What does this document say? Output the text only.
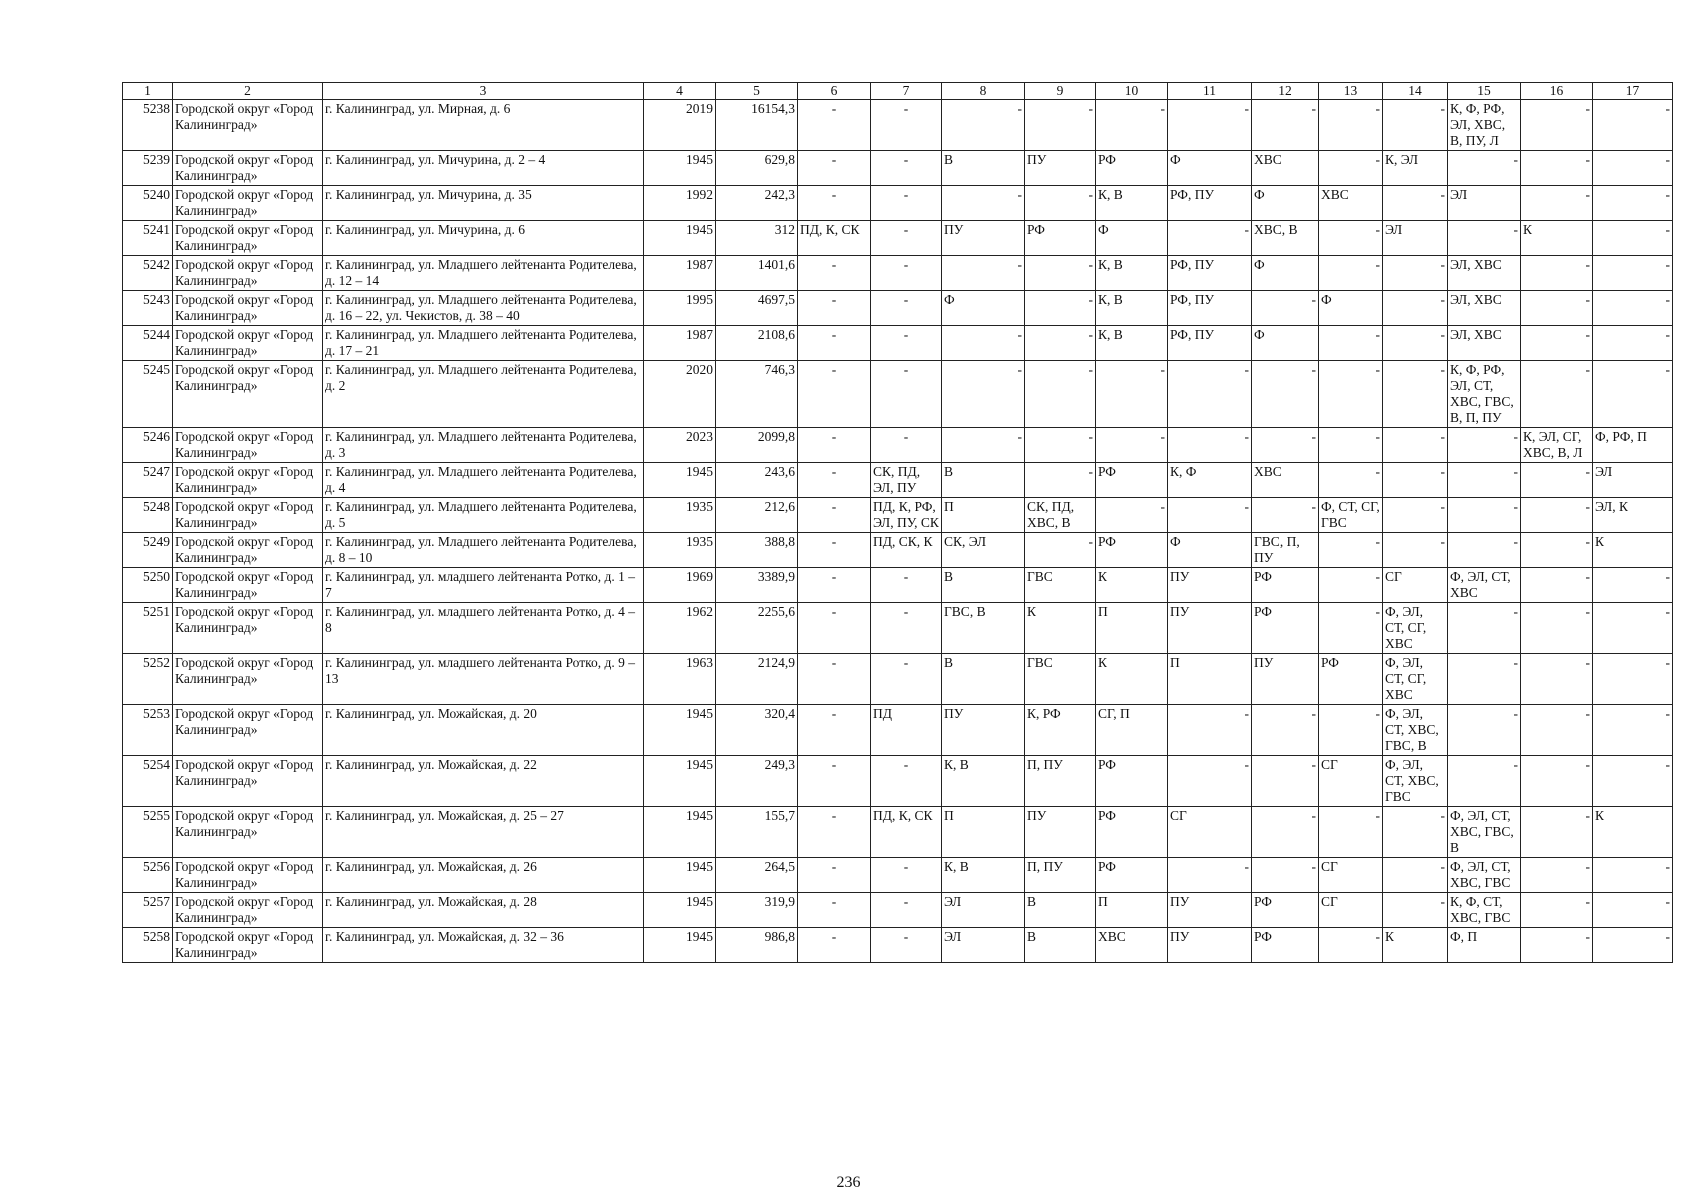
1	2	3	4	5	6	7	8	9	10	11	12	13	14	15	16	17
5238	Городской округ «Город Калининград»	г. Калининград, ул. Мирная, д. 6	2019	16154,3	-	-	-	-	-	-	-	-	-	К, Ф, РФ, ЭЛ, ХВС, В, ПУ, Л	-	-
5239	Городской округ «Город Калининград»	г. Калининград, ул. Мичурина, д. 2 – 4	1945	629,8	-	-	В	ПУ	РФ	Ф	ХВС	-	К, ЭЛ	-	-	-
5240	Городской округ «Город Калининград»	г. Калининград, ул. Мичурина, д. 35	1992	242,3	-	-	-	-	К, В	РФ, ПУ	Ф	ХВС	-	ЭЛ	-	-
5241	Городской округ «Город Калининград»	г. Калининград, ул. Мичурина, д. 6	1945	312	ПД, К, СК	-	ПУ	РФ	Ф	-	ХВС, В	-	ЭЛ	-	К	-
5242	Городской округ «Город Калининград»	г. Калининград, ул. Младшего лейтенанта Родителева, д. 12 – 14	1987	1401,6	-	-	-	-	К, В	РФ, ПУ	Ф	-	-	ЭЛ, ХВС	-	-
5243	Городской округ «Город Калининград»	г. Калининград, ул. Младшего лейтенанта Родителева, д. 16 – 22, ул. Чекистов, д. 38 – 40	1995	4697,5	-	-	Ф	-	К, В	РФ, ПУ	-	Ф	-	ЭЛ, ХВС	-	-
5244	Городской округ «Город Калининград»	г. Калининград, ул. Младшего лейтенанта Родителева, д. 17 – 21	1987	2108,6	-	-	-	-	К, В	РФ, ПУ	Ф	-	-	ЭЛ, ХВС	-	-
5245	Городской округ «Город Калининград»	г. Калининград, ул. Младшего лейтенанта Родителева, д. 2	2020	746,3	-	-	-	-	-	-	-	-	-	К, Ф, РФ, ЭЛ, СТ, ХВС, ГВС, В, П, ПУ	-	-
5246	Городской округ «Город Калининград»	г. Калининград, ул. Младшего лейтенанта Родителева, д. 3	2023	2099,8	-	-	-	-	-	-	-	-	-	-	К, ЭЛ, СГ, ХВС, В, Л	Ф, РФ, П
5247	Городской округ «Город Калининград»	г. Калининград, ул. Младшего лейтенанта Родителева, д. 4	1945	243,6	-	СК, ПД, ЭЛ, ПУ	В	-	РФ	К, Ф	ХВС	-	-	-	-	ЭЛ
5248	Городской округ «Город Калининград»	г. Калининград, ул. Младшего лейтенанта Родителева, д. 5	1935	212,6	-	ПД, К, РФ, ЭЛ, ПУ, СК	П	СК, ПД, ХВС, В	-	-	-	Ф, СТ, СГ, ГВС	-	-	-	ЭЛ, К
5249	Городской округ «Город Калининград»	г. Калининград, ул. Младшего лейтенанта Родителева, д. 8 – 10	1935	388,8	-	ПД, СК, К	СК, ЭЛ	-	РФ	Ф	ГВС, П, ПУ	-	-	-	-	К
5250	Городской округ «Город Калининград»	г. Калининград, ул. младшего лейтенанта Ротко, д. 1 – 7	1969	3389,9	-	-	В	ГВС	К	ПУ	РФ	-	СГ	Ф, ЭЛ, СТ, ХВС	-	-
5251	Городской округ «Город Калининград»	г. Калининград, ул. младшего лейтенанта Ротко, д. 4 – 8	1962	2255,6	-	-	ГВС, В	К	П	ПУ	РФ	-	Ф, ЭЛ, СТ, СГ, ХВС	-	-	-
5252	Городской округ «Город Калининград»	г. Калининград, ул. младшего лейтенанта Ротко, д. 9 – 13	1963	2124,9	-	-	В	ГВС	К	П	ПУ	РФ	Ф, ЭЛ, СТ, СГ, ХВС	-	-	-
5253	Городской округ «Город Калининград»	г. Калининград, ул. Можайская, д. 20	1945	320,4	-	ПД	ПУ	К, РФ	СГ, П	-	-	-	Ф, ЭЛ, СТ, ХВС, ГВС, В	-	-	-
5254	Городской округ «Город Калининград»	г. Калининград, ул. Можайская, д. 22	1945	249,3	-	-	К, В	П, ПУ	РФ	-	-	СГ	Ф, ЭЛ, СТ, ХВС, ГВС	-	-	-
5255	Городской округ «Город Калининград»	г. Калининград, ул. Можайская, д. 25 – 27	1945	155,7	-	ПД, К, СК	П	ПУ	РФ	СГ	-	-	-	Ф, ЭЛ, СТ, ХВС, ГВС, В	-	К
5256	Городской округ «Город Калининград»	г. Калининград, ул. Можайская, д. 26	1945	264,5	-	-	К, В	П, ПУ	РФ	-	-	СГ	-	Ф, ЭЛ, СТ, ХВС, ГВС	-	-
5257	Городской округ «Город Калининград»	г. Калининград, ул. Можайская, д. 28	1945	319,9	-	-	ЭЛ	В	П	ПУ	РФ	СГ	-	К, Ф, СТ, ХВС, ГВС	-	-
5258	Городской округ «Город Калининград»	г. Калининград, ул. Можайская, д. 32 – 36	1945	986,8	-	-	ЭЛ	В	ХВС	ПУ	РФ	-	К	Ф, П	-	-
236
